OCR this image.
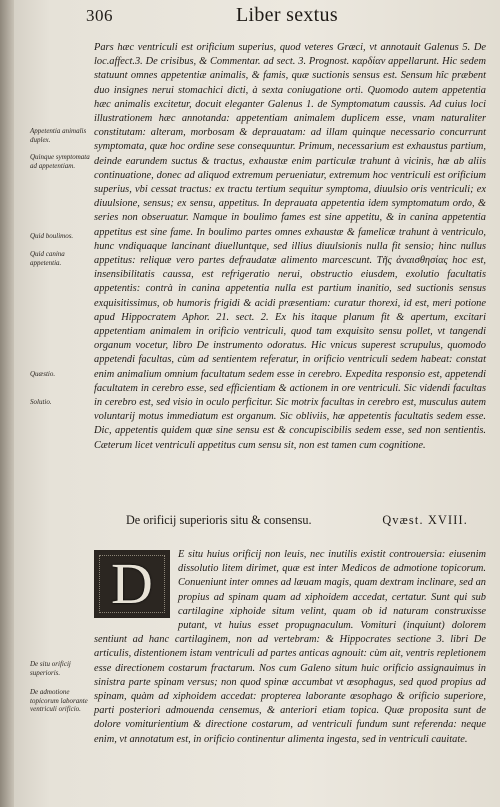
306	Liber sextus
Appetentia animalis duplex.
Quinque symptomata ad appetentiam.
Quid boulimos.
Quid canina appetentia.
Quæstio.
Solutio.
De situ orificij superioris.
De admotione topicorum laborante ventriculi orificio.

Pars hæc ventriculi est orificium superius, quod veteres Græci, vt annotauit Galenus 5. De loc.affect.3. De crisibus, & Commentar. ad sect. 3. Prognost. καρδίαν appellarunt. Hic sedem statuunt omnes appetentiæ animalis, & famis, quæ suctionis sensus est. Sensum hîc præbent duo insignes nerui stomachici dicti, à sexta coniugatione orti. Quomodo autem appetentia hæc animalis excitetur, docuit eleganter Galenus 1. de Symptomatum caussis. Ad cuius loci illustrationem hæc annotanda: appetentiam animalem duplicem esse, vnam naturaliter constitutam: alteram, morbosam & deprauatam: ad illam quinque necessario concurrunt symptomata, quæ hoc ordine sese consequuntur. Primum, necessarium est exhaustus partium, deinde earundem suctus & tractus, exhaustæ enim particulæ trahunt à vicinis, hæ ab aliis continuatione, donec ad aliquod extremum perueniatur, extremum hoc ventriculi est orificium superius, vbi cessat tractus: ex tractu tertium sequitur symptoma, diuulsio oris ventriculi; ex diuulsione, sensus; ex sensu, appetitus. In deprauata appetentia idem symptomatum ordo, & series non obseruatur. Namque in boulimo fames est sine appetitu, & in canina appetentia appetitus est sine fame. In boulimo partes omnes exhaustæ & famelicæ trahunt à ventriculo, hunc vndiquaque lancinant diuelluntque, sed illius diuulsionis nulla fit sensio; hinc nullus appetitus: reliquæ vero partes defraudatæ alimento marcescunt. Τῆς ἀναισθησίας hoc est, insensibilitatis caussa, est refrigeratio nerui, obstructio eiusdem, exolutio facultatis appetentis: contrà in canina appetentia nulla est partium inanitio, sed suctionis sensus exquisitissimus, ob humoris frigidi & acidi præsentiam: curatur thorexi, id est, meri potione apud Hippocratem Aphor. 21. sect. 2. Ex his itaque planum fit & apertum, excitari appetentiam animalem in orificio ventriculi, quod tam exquisito sensu pollet, vt tangendi organum vocetur, libro De instrumento odoratus. Hic vnicus superest scrupulus, quomodo appetendi facultas, cùm ad sentientem referatur, in orificio ventriculi sedem habeat: constat enim animalium omnium facultatum sedem esse in cerebro. Expedita responsio est, appetendi facultatem in cerebro esse, sed efficientiam & actionem in ore ventriculi. Sic videndi facultas in cerebro est, sed visio in oculo perficitur. Sic motrix facultas in cerebro est, musculus autem voluntarij motus immediatum est organum. Sic obliviis, hæ appetentis facultatis sedem esse. Dic, appetentis quidem quæ sine sensu est & concupiscibilis sedem esse, sed non sentientis. Cæterum licet ventriculi appetitus cum sensu sit, non est tamen cum cognitione.

De orificij superioris situ & consensu.	Qvæst. XVIII.
D	E situ huius orificij non leuis, nec inutilis existit controuersia: eiusenim dissolutio litem dirimet, quæ est inter Medicos de admotione topicorum. Conueniunt inter omnes ad læuam magis, quam dextram inclinare, sed an propius ad spinam quam ad xiphoidem accedat, certatur. Sunt qui sub cartilagine xiphoide situm velint, quam ob id naturam construxisse putant, vt huius esset propugnaculum. Vomituri (inquiunt) dolorem sentiunt ad hanc cartilaginem, non ad vertebram: & Hippocrates sectione 3. libri De articulis, distentionem istam ventriculi ad partes anticas agnouit: cùm ait, ventris repletionem esse directionem costarum fractarum. Nos cum Galeno situm huic orificio assignauimus in sinistra parte spinam versus; non quod spinæ accumbat vt œsophagus, sed quod propius ad spinam, quàm ad xiphoidem accedat: propterea laborante œsophago & orificio superiore, parti posteriori admouenda censemus, & anteriori etiam topica. Quæ proposita sunt de dolore vomiturientium & directione costarum, ad ventriculi fundum sunt referenda: neque enim, vt annotatum est, in orificio continentur alimenta ingesta, sed in ventriculi cauitate.
